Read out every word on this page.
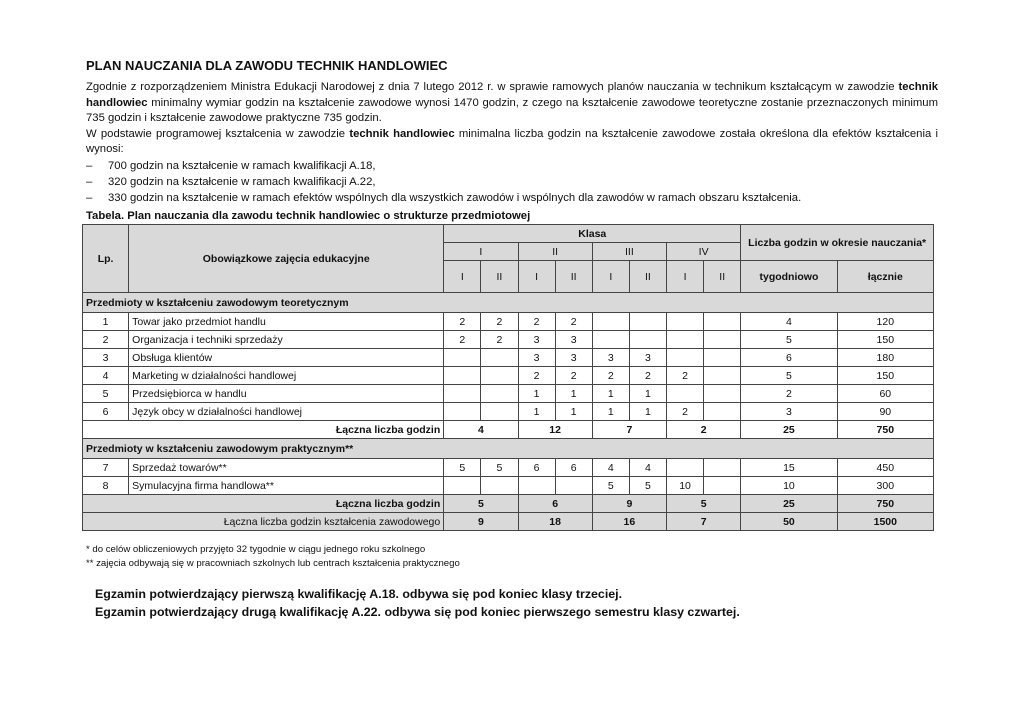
PLAN NAUCZANIA DLA ZAWODU TECHNIK HANDLOWIEC

Zgodnie z rozporządzeniem Ministra Edukacji Narodowej z dnia 7 lutego 2012 r. w sprawie ramowych planów nauczania w technikum kształcącym w zawodzie technik handlowiec minimalny wymiar godzin na kształcenie zawodowe wynosi 1470 godzin, z czego na kształcenie zawodowe teoretyczne zostanie przeznaczonych minimum 735 godzin i kształcenie zawodowe praktyczne 735 godzin.

W podstawie programowej kształcenia w zawodzie technik handlowiec minimalna liczba godzin na kształcenie zawodowe została określona dla efektów kształcenia i wynosi:

– 700 godzin na kształcenie w ramach kwalifikacji A.18,
– 320 godzin na kształcenie w ramach kwalifikacji A.22,
– 330 godzin na kształcenie w ramach efektów wspólnych dla wszystkich zawodów i wspólnych dla zawodów w ramach obszaru kształcenia.
Tabela. Plan nauczania dla zawodu technik handlowiec o strukturze przedmiotowej
Lp.	Obowiązkowe zajęcia edukacyjne	Klasa								Liczba godzin w okresie nauczania*	
		I		II		III		IV			
		I	II	I	II	I	II	I	II	tygodniowo	łącznie
Przedmioty w kształceniu zawodowym teoretycznym											
1	Towar jako przedmiot handlu	2	2	2	2					4	120
2	Organizacja i techniki sprzedaży	2	2	3	3					5	150
3	Obsługa klientów			3	3	3	3			6	180
4	Marketing w działalności handlowej			2	2	2	2	2		5	150
5	Przedsiębiorca w handlu			1	1	1	1			2	60
6	Język obcy w działalności handlowej			1	1	1	1	2		3	90
Łączna liczba godzin		4		12		7		2		25	750
Przedmioty w kształceniu zawodowym praktycznym**											
7	Sprzedaż towarów**	5	5	6	6	4	4			15	450
8	Symulacyjna firma handlowa**					5	5	10		10	300
Łączna liczba godzin		5		6		9		5		25	750
Łączna liczba godzin kształcenia zawodowego		9		18		16		7		50	1500
* do celów obliczeniowych przyjęto 32 tygodnie w ciągu jednego roku szkolnego
** zajęcia odbywają się w pracowniach szkolnych lub centrach kształcenia praktycznego
Egzamin potwierdzający pierwszą kwalifikację A.18. odbywa się pod koniec klasy trzeciej.
Egzamin potwierdzający drugą kwalifikację A.22. odbywa się pod koniec pierwszego semestru klasy czwartej.
